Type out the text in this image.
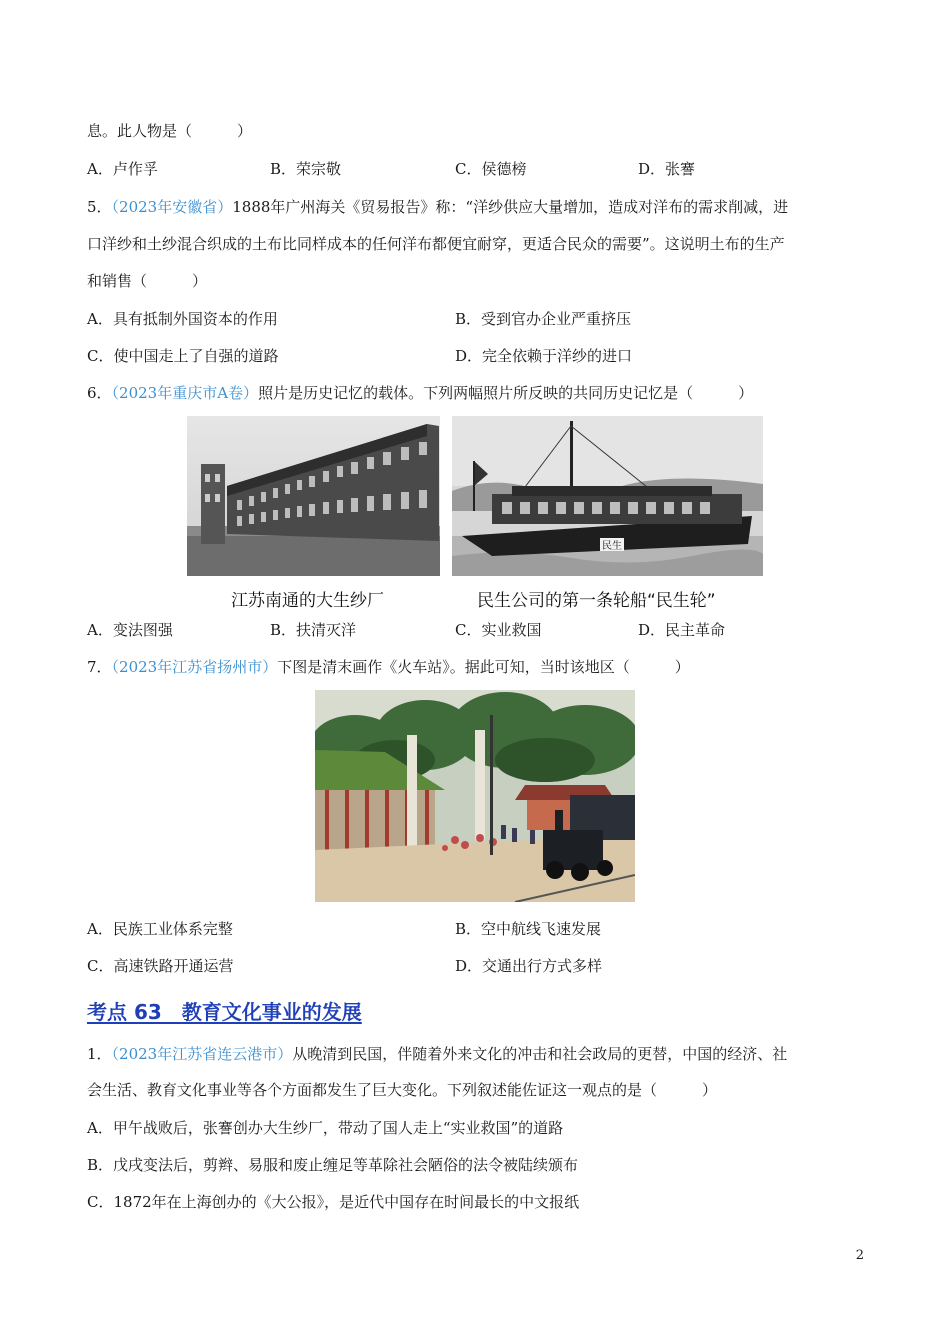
息。此人物是（　　　）
A．卢作孚	B．荣宗敬	C．侯德榜	D．张謇
5．（2023年安徽省）1888年广州海关《贸易报告》称：“洋纱供应大量增加，造成对洋布的需求削减，进
口洋纱和土纱混合织成的土布比同样成本的任何洋布都便宜耐穿，更适合民众的需要”。这说明土布的生产
和销售（　　　）
A．具有抵制外国资本的作用	B．受到官办企业严重挤压
C．使中国走上了自强的道路	D．完全依赖于洋纱的进口
6．（2023年重庆市A卷）照片是历史记忆的载体。下列两幅照片所反映的共同历史记忆是（　　　）
民生
江苏南通的大生纱厂	民生公司的第一条轮船“民生轮”
A．变法图强	B．扶清灭洋	C．实业救国	D．民主革命
7．（2023年江苏省扬州市）下图是清末画作《火车站》。据此可知，当时该地区（　　　）
A．民族工业体系完整	B．空中航线飞速发展
C．高速铁路开通运营	D．交通出行方式多样
考点 63　教育文化事业的发展
1．（2023年江苏省连云港市）从晚清到民国，伴随着外来文化的冲击和社会政局的更替，中国的经济、社
会生活、教育文化事业等各个方面都发生了巨大变化。下列叙述能佐证这一观点的是（　　　）
A．甲午战败后，张謇创办大生纱厂，带动了国人走上“实业救国”的道路
B．戊戌变法后，剪辫、易服和废止缠足等革除社会陋俗的法令被陆续颁布
C．1872年在上海创办的《大公报》，是近代中国存在时间最长的中文报纸
2
